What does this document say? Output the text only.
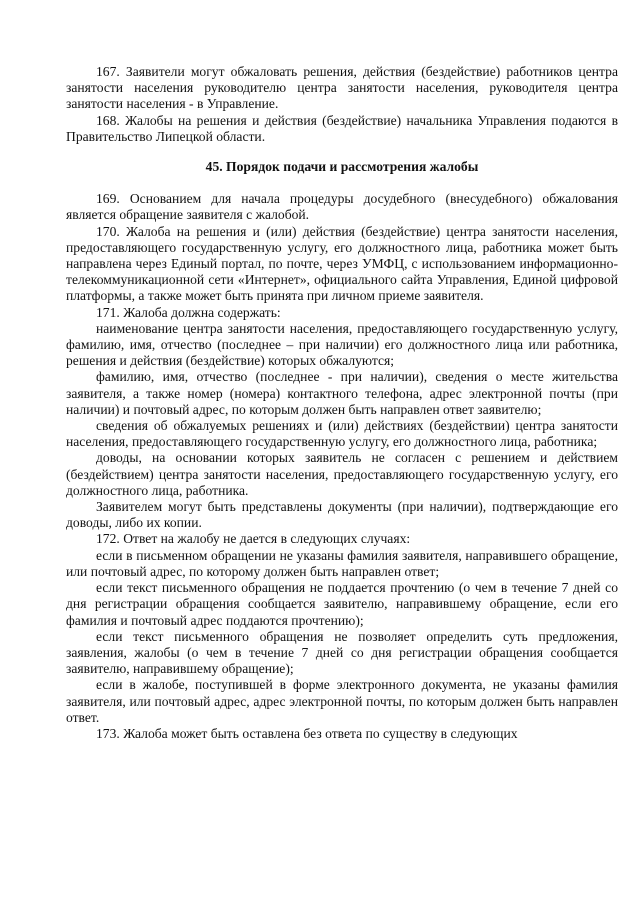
167. Заявители могут обжаловать решения, действия (бездействие) работников центра занятости населения руководителю центра занятости населения, руководителя центра занятости населения - в Управление.

168. Жалобы на решения и действия (бездействие) начальника Управления подаются в Правительство Липецкой области.

45. Порядок подачи и рассмотрения жалобы

169. Основанием для начала процедуры досудебного (внесудебного) обжалования является обращение заявителя с жалобой.

170. Жалоба на решения и (или) действия (бездействие) центра занятости населения, предоставляющего государственную услугу, его должностного лица, работника может быть направлена через Единый портал, по почте, через УМФЦ, с использованием информационно-телекоммуникационной сети «Интернет», официального сайта Управления, Единой цифровой платформы, а также может быть принята при личном приеме заявителя.

171. Жалоба должна содержать:

наименование центра занятости населения, предоставляющего государственную услугу, фамилию, имя, отчество (последнее – при наличии) его должностного лица или работника, решения и действия (бездействие) которых обжалуются;

фамилию, имя, отчество (последнее - при наличии), сведения о месте жительства заявителя, а также номер (номера) контактного телефона, адрес электронной почты (при наличии) и почтовый адрес, по которым должен быть направлен ответ заявителю;

сведения об обжалуемых решениях и (или) действиях (бездействии) центра занятости населения, предоставляющего государственную услугу, его должностного лица, работника;

доводы, на основании которых заявитель не согласен с решением и действием (бездействием) центра занятости населения, предоставляющего государственную услугу, его должностного лица, работника.

Заявителем могут быть представлены документы (при наличии), подтверждающие его доводы, либо их копии.

172. Ответ на жалобу не дается в следующих случаях:

если в письменном обращении не указаны фамилия заявителя, направившего обращение, или почтовый адрес, по которому должен быть направлен ответ;

если текст письменного обращения не поддается прочтению (о чем в течение 7 дней со дня регистрации обращения сообщается заявителю, направившему обращение, если его фамилия и почтовый адрес поддаются прочтению);

если текст письменного обращения не позволяет определить суть предложения, заявления, жалобы (о чем в течение 7 дней со дня регистрации обращения сообщается заявителю, направившему обращение);

если в жалобе, поступившей в форме электронного документа, не указаны фамилия заявителя, или почтовый адрес, адрес электронной почты, по которым должен быть направлен ответ.

173. Жалоба может быть оставлена без ответа по существу в следующих
